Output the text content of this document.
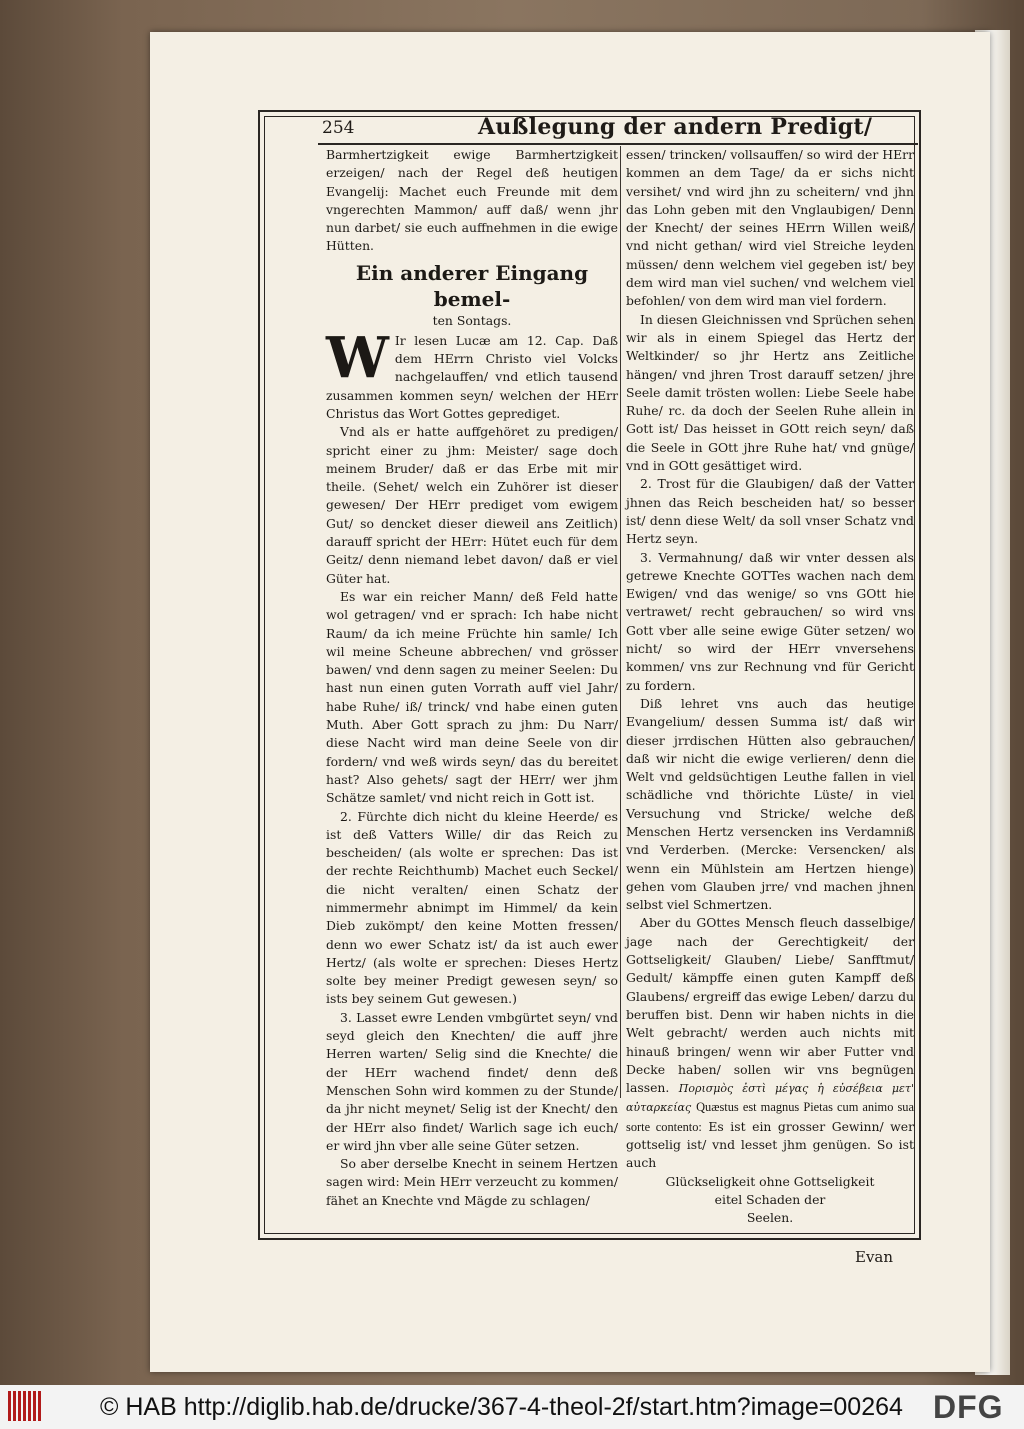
254	Außlegung der andern Predigt/

Barmhertzigkeit ewige Barmhertzigkeit erzeigen/ nach der Regel deß heutigen Evangelij: Machet euch Freunde mit dem vngerechten Mammon/ auff daß/ wenn jhr nun darbet/ sie euch auffnehmen in die ewige Hütten.

Ein anderer Eingang bemel-
ten Sontags.

W Ir lesen Lucæ am 12. Cap. Daß dem HErrn Christo viel Volcks nachgelauffen/ vnd etlich tausend zusammen kommen seyn/ welchen der HErr Christus das Wort Gottes geprediget.

Vnd als er hatte auffgehöret zu predigen/ spricht einer zu jhm: Meister/ sage doch meinem Bruder/ daß er das Erbe mit mir theile. (Sehet/ welch ein Zuhörer ist dieser gewesen/ Der HErr prediget vom ewigem Gut/ so dencket dieser dieweil ans Zeitlich) darauff spricht der HErr: Hütet euch für dem Geitz/ denn niemand lebet davon/ daß er viel Güter hat.

Es war ein reicher Mann/ deß Feld hatte wol getragen/ vnd er sprach: Ich habe nicht Raum/ da ich meine Früchte hin samle/ Ich wil meine Scheune abbrechen/ vnd grösser bawen/ vnd denn sagen zu meiner Seelen: Du hast nun einen guten Vorrath auff viel Jahr/ habe Ruhe/ iß/ trinck/ vnd habe einen guten Muth. Aber Gott sprach zu jhm: Du Narr/ diese Nacht wird man deine Seele von dir fordern/ vnd weß wirds seyn/ das du bereitet hast? Also gehets/ sagt der HErr/ wer jhm Schätze samlet/ vnd nicht reich in Gott ist.

2. Fürchte dich nicht du kleine Heerde/ es ist deß Vatters Wille/ dir das Reich zu bescheiden/ (als wolte er sprechen: Das ist der rechte Reichthumb) Machet euch Seckel/ die nicht veralten/ einen Schatz der nimmermehr abnimpt im Himmel/ da kein Dieb zukömpt/ den keine Motten fressen/ denn wo ewer Schatz ist/ da ist auch ewer Hertz/ (als wolte er sprechen: Dieses Hertz solte bey meiner Predigt gewesen seyn/ so ists bey seinem Gut gewesen.)

3. Lasset ewre Lenden vmbgürtet seyn/ vnd seyd gleich den Knechten/ die auff jhre Herren warten/ Selig sind die Knechte/ die der HErr wachend findet/ denn deß Menschen Sohn wird kommen zu der Stunde/ da jhr nicht meynet/ Selig ist der Knecht/ den der HErr also findet/ Warlich sage ich euch/ er wird jhn vber alle seine Güter setzen.

So aber derselbe Knecht in seinem Hertzen sagen wird: Mein HErr verzeucht zu kommen/ fähet an Knechte vnd Mägde zu schlagen/

essen/ trincken/ vollsauffen/ so wird der HErr kommen an dem Tage/ da er sichs nicht versihet/ vnd wird jhn zu scheitern/ vnd jhn das Lohn geben mit den Vnglaubigen/ Denn der Knecht/ der seines HErrn Willen weiß/ vnd nicht gethan/ wird viel Streiche leyden müssen/ denn welchem viel gegeben ist/ bey dem wird man viel suchen/ vnd welchem viel befohlen/ von dem wird man viel fordern.

In diesen Gleichnissen vnd Sprüchen sehen wir als in einem Spiegel das Hertz der Weltkinder/ so jhr Hertz ans Zeitliche hängen/ vnd jhren Trost darauff setzen/ jhre Seele damit trösten wollen: Liebe Seele habe Ruhe/ rc. da doch der Seelen Ruhe allein in Gott ist/ Das heisset in GOtt reich seyn/ daß die Seele in GOtt jhre Ruhe hat/ vnd gnüge/ vnd in GOtt gesättiget wird.

2. Trost für die Glaubigen/ daß der Vatter jhnen das Reich bescheiden hat/ so besser ist/ denn diese Welt/ da soll vnser Schatz vnd Hertz seyn.

3. Vermahnung/ daß wir vnter dessen als getrewe Knechte GOTTes wachen nach dem Ewigen/ vnd das wenige/ so vns GOtt hie vertrawet/ recht gebrauchen/ so wird vns Gott vber alle seine ewige Güter setzen/ wo nicht/ so wird der HErr vnversehens kommen/ vns zur Rechnung vnd für Gericht zu fordern.

Diß lehret vns auch das heutige Evangelium/ dessen Summa ist/ daß wir dieser jrrdischen Hütten also gebrauchen/ daß wir nicht die ewige verlieren/ denn die Welt vnd geldsüchtigen Leuthe fallen in viel schädliche vnd thörichte Lüste/ in viel Versuchung vnd Stricke/ welche deß Menschen Hertz versencken ins Verdamniß vnd Verderben. (Mercke: Versencken/ als wenn ein Mühlstein am Hertzen hienge) gehen vom Glauben jrre/ vnd machen jhnen selbst viel Schmertzen.

Aber du GOttes Mensch fleuch dasselbige/ jage nach der Gerechtigkeit/ der Gottseligkeit/ Glauben/ Liebe/ Sanfftmut/ Gedult/ kämpffe einen guten Kampff deß Glaubens/ ergreiff das ewige Leben/ darzu du beruffen bist. Denn wir haben nichts in die Welt gebracht/ werden auch nichts mit hinauß bringen/ wenn wir aber Futter vnd Decke haben/ sollen wir vns begnügen lassen. Πορισμὸς ἐστὶ μέγας ἡ εὐσέβεια μετ' αὐταρκείας Quæstus est magnus Pietas cum animo sua sorte contento: Es ist ein grosser Gewinn/ wer gottselig ist/ vnd lesset jhm genügen. So ist auch

Glückseligkeit ohne Gottseligkeit
eitel Schaden der
Seelen.
Evan
© HAB http://diglib.hab.de/drucke/367-4-theol-2f/start.htm?image=00264 DFG
